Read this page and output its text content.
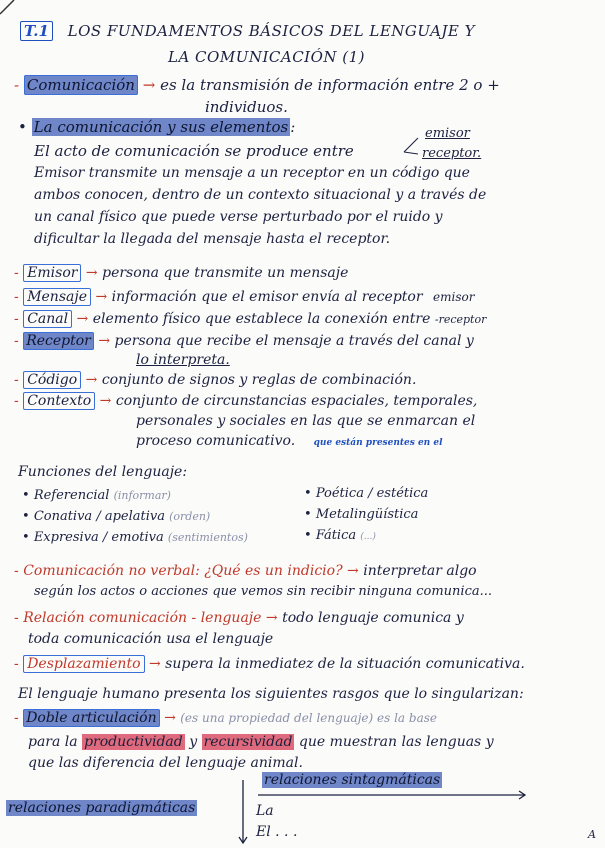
T.1 LOS FUNDAMENTOS BÁSICOS DEL LENGUAJE Y
LA COMUNICACIÓN (1)
- Comunicación → es la transmisión de información entre 2 o +
individuos.
• La comunicación y sus elementos :	emisor
El acto de comunicación se produce entre	receptor.
Emisor transmite un mensaje a un receptor en un código que
ambos conocen, dentro de un contexto situacional y a través de
un canal físico que puede verse perturbado por el ruido y
dificultar la llegada del mensaje hasta el receptor.
- Emisor → persona que transmite un mensaje
- Mensaje → información que el emisor envía al receptor emisor
- Canal → elemento físico que establece la conexión entre -receptor
- Receptor → persona que recibe el mensaje a través del canal y
lo interpreta.
- Código → conjunto de signos y reglas de combinación.
- Contexto → conjunto de circunstancias espaciales, temporales,
personales y sociales en las que se enmarcan el
proceso comunicativo. que están presentes en el
Funciones del lenguaje:
• Referencial (informar)
• Conativa / apelativa (orden)
• Expresiva / emotiva (sentimientos)
• Poética / estética
• Metalingüística
• Fática (...)
- Comunicación no verbal: ¿Qué es un indicio? → interpretar algo
según los actos o acciones que vemos sin recibir ninguna comunica...
- Relación comunicación - lenguaje → todo lenguaje comunica y
toda comunicación usa el lenguaje
- Desplazamiento → supera la inmediatez de la situación comunicativa.
El lenguaje humano presenta los siguientes rasgos que lo singularizan:
- Doble articulación → (es una propiedad del lenguaje) es la base
para la productividad y recursividad que muestran las lenguas y
que las diferencia del lenguaje animal.
relaciones sintagmáticas
relaciones paradigmáticas	La
El . . .	A
